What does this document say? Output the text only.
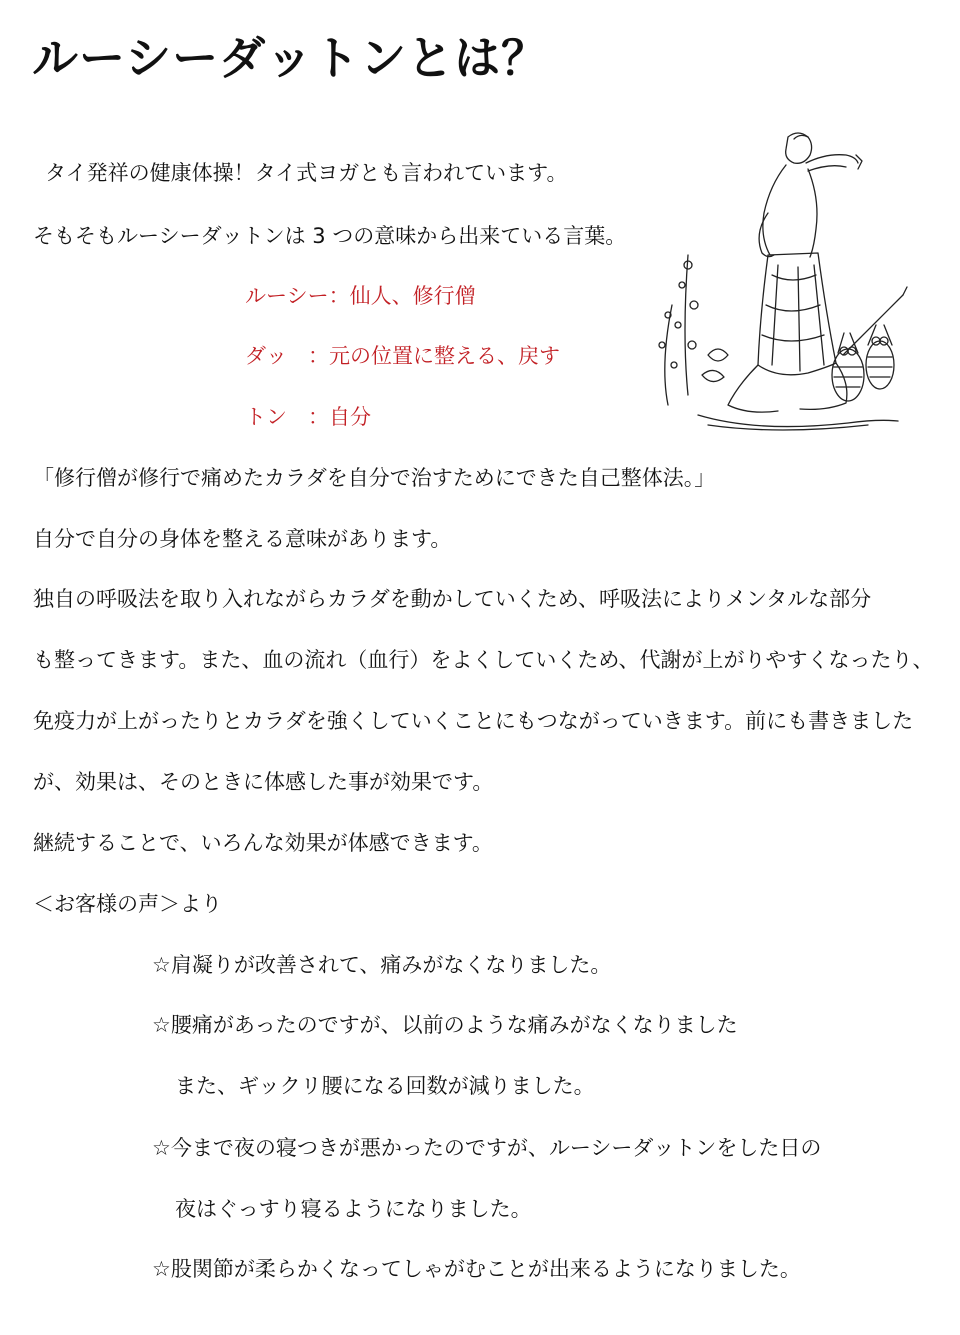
ルーシーダットンとは？
タイ発祥の健康体操！タイ式ヨガとも言われています。
そもそもルーシーダットンは 3 つの意味から出来ている言葉。
ルーシー：仙人、修行僧
ダッ ：元の位置に整える、戻す
トン ：自分
「修行僧が修行で痛めたカラダを自分で治すためにできた自己整体法。」
自分で自分の身体を整える意味があります。
独自の呼吸法を取り入れながらカラダを動かしていくため、呼吸法によりメンタルな部分
も整ってきます。また、血の流れ（血行）をよくしていくため、代謝が上がりやすくなったり、
免疫力が上がったりとカラダを強くしていくことにもつながっていきます。前にも書きました
が、効果は、そのときに体感した事が効果です。
継続することで、いろんな効果が体感できます。
＜お客様の声＞より
☆肩凝りが改善されて、痛みがなくなりました。
☆腰痛があったのですが、以前のような痛みがなくなりました
また、ギックリ腰になる回数が減りました。
☆今まで夜の寝つきが悪かったのですが、ルーシーダットンをした日の
夜はぐっすり寝るようになりました。
☆股関節が柔らかくなってしゃがむことが出来るようになりました。
